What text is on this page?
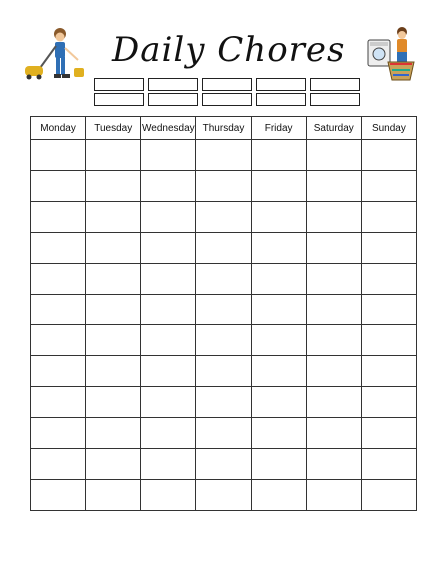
Daily Chores
Monday	Tuesday	Wednesday	Thursday	Friday	Saturday	Sunday
